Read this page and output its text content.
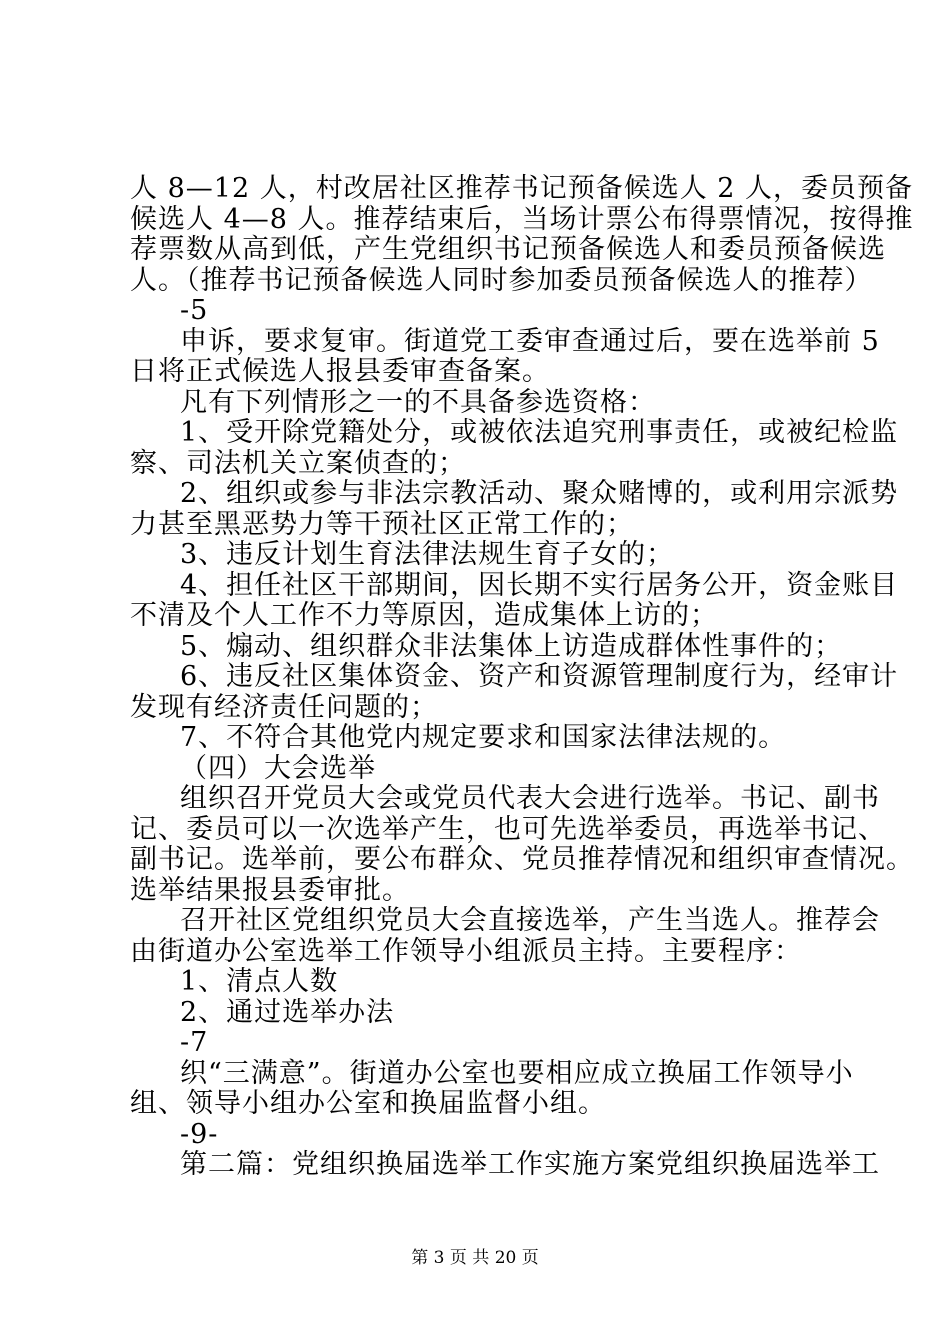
人 8—12 人，村改居社区推荐书记预备候选人 2 人，委员预备
候选人 4—8 人。推荐结束后，当场计票公布得票情况，按得推
荐票数从高到低，产生党组织书记预备候选人和委员预备候选
人。（推荐书记预备候选人同时参加委员预备候选人的推荐）
-5
申诉，要求复审。街道党工委审查通过后，要在选举前 5
日将正式候选人报县委审查备案。
凡有下列情形之一的不具备参选资格：
1、受开除党籍处分，或被依法追究刑事责任，或被纪检监
察、司法机关立案侦查的；
2、组织或参与非法宗教活动、聚众赌博的，或利用宗派势
力甚至黑恶势力等干预社区正常工作的；
3、违反计划生育法律法规生育子女的；
4、担任社区干部期间，因长期不实行居务公开，资金账目
不清及个人工作不力等原因，造成集体上访的；
5、煽动、组织群众非法集体上访造成群体性事件的；
6、违反社区集体资金、资产和资源管理制度行为，经审计
发现有经济责任问题的；
7、不符合其他党内规定要求和国家法律法规的。
（四）大会选举
组织召开党员大会或党员代表大会进行选举。书记、副书
记、委员可以一次选举产生，也可先选举委员，再选举书记、
副书记。选举前，要公布群众、党员推荐情况和组织审查情况。
选举结果报县委审批。
召开社区党组织党员大会直接选举，产生当选人。推荐会
由街道办公室选举工作领导小组派员主持。主要程序：
1、清点人数
2、通过选举办法
-7
织“三满意”。街道办公室也要相应成立换届工作领导小
组、领导小组办公室和换届监督小组。
-9-
第二篇：党组织换届选举工作实施方案党组织换届选举工
第 3 页 共 20 页
